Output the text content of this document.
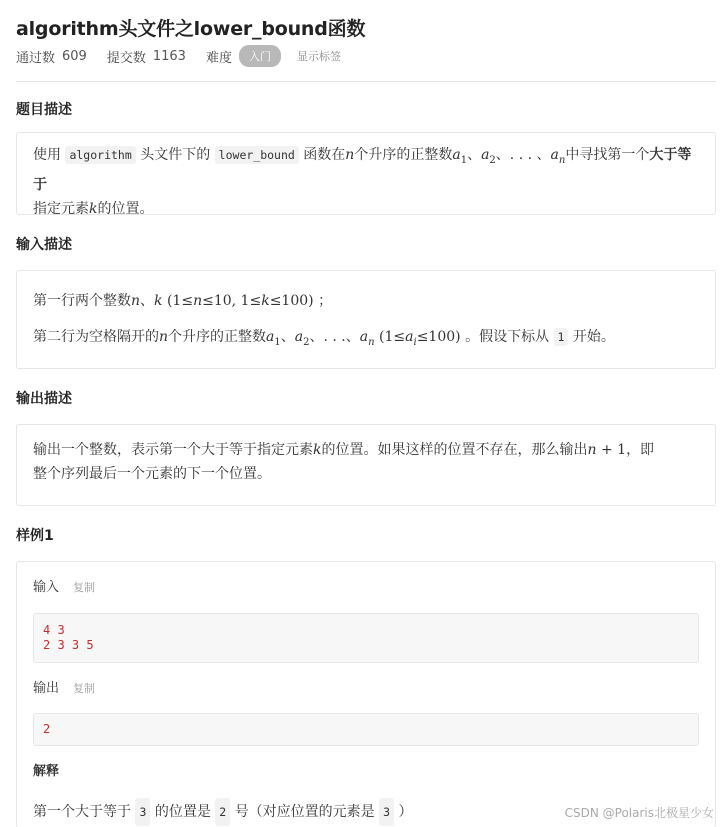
algorithm头文件之lower_bound函数
通过数 609 提交数 1163 难度	入门	显示标签
题目描述
使用 algorithm 头文件下的 lower_bound 函数在n个升序的正整数$a_1$、$a_2$、. . . 、$a_n$中寻找第一个大于等于
指定元素k的位置。
输入描述
第一行两个整数n、k (1≤n≤10, 1≤k≤100) ；
第二行为空格隔开的n个升序的正整数$a_1$、$a_2$、. . .、$a_n$ $(1\le a_i\le 100)$ 。假设下标从 1 开始。
输出描述
输出一个整数，表示第一个大于等于指定元素k的位置。如果这样的位置不存在，那么输出n + 1，即
整个序列最后一个元素的下一个位置。
样例1
输入 复制
4 3
2 3 3 5
输出 复制
2
解释
第一个大于等于
3
的位置是
2
号（对应位置的元素是
3
）	CSDN @Polaris北极星少女
